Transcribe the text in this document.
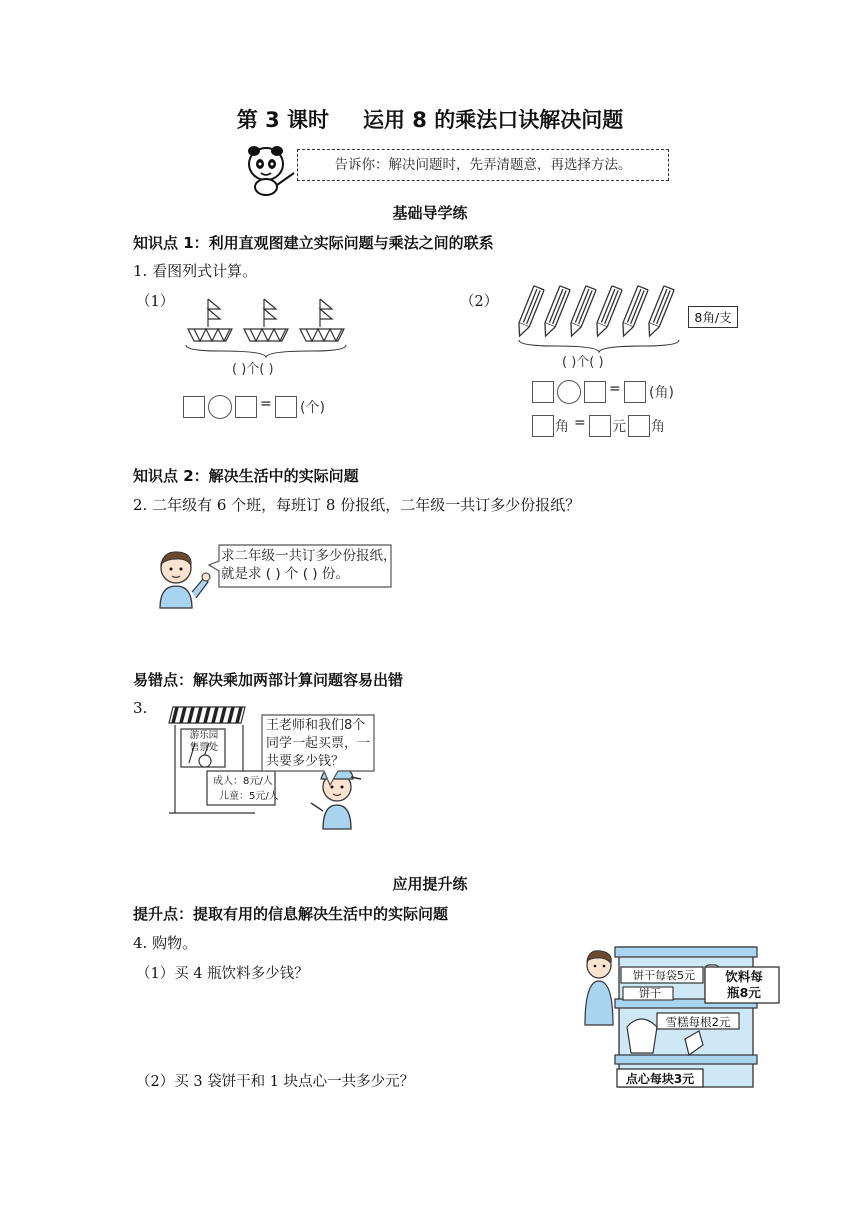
第 3 课时 运用 8 的乘法口诀解决问题
告诉你：解决问题时，先弄清题意，再选择方法。
基础导学练
知识点 1：利用直观图建立实际问题与乘法之间的联系
1. 看图列式计算。
（1）
( )个( )
= (个)
（2）
8角/支
( )个( )
= (角)
角 = 元 角
知识点 2：解决生活中的实际问题
2. 二年级有 6 个班，每班订 8 份报纸，二年级一共订多少份报纸？
求二年级一共订多少份报纸，
就是求 ( ) 个 ( ) 份。
易错点：解决乘加两部计算问题容易出错
3.
游乐园
售票处
成人：8元/人
儿童：5元/人
王老师和我们8个
同学一起买票，一
共要多少钱？
应用提升练
提升点：提取有用的信息解决生活中的实际问题
4. 购物。
（1）买 4 瓶饮料多少钱？
（2）买 3 袋饼干和 1 块点心一共多少元？
饼干每袋5元
饼干
饮料每
瓶8元
雪糕每根2元
点心每块3元
